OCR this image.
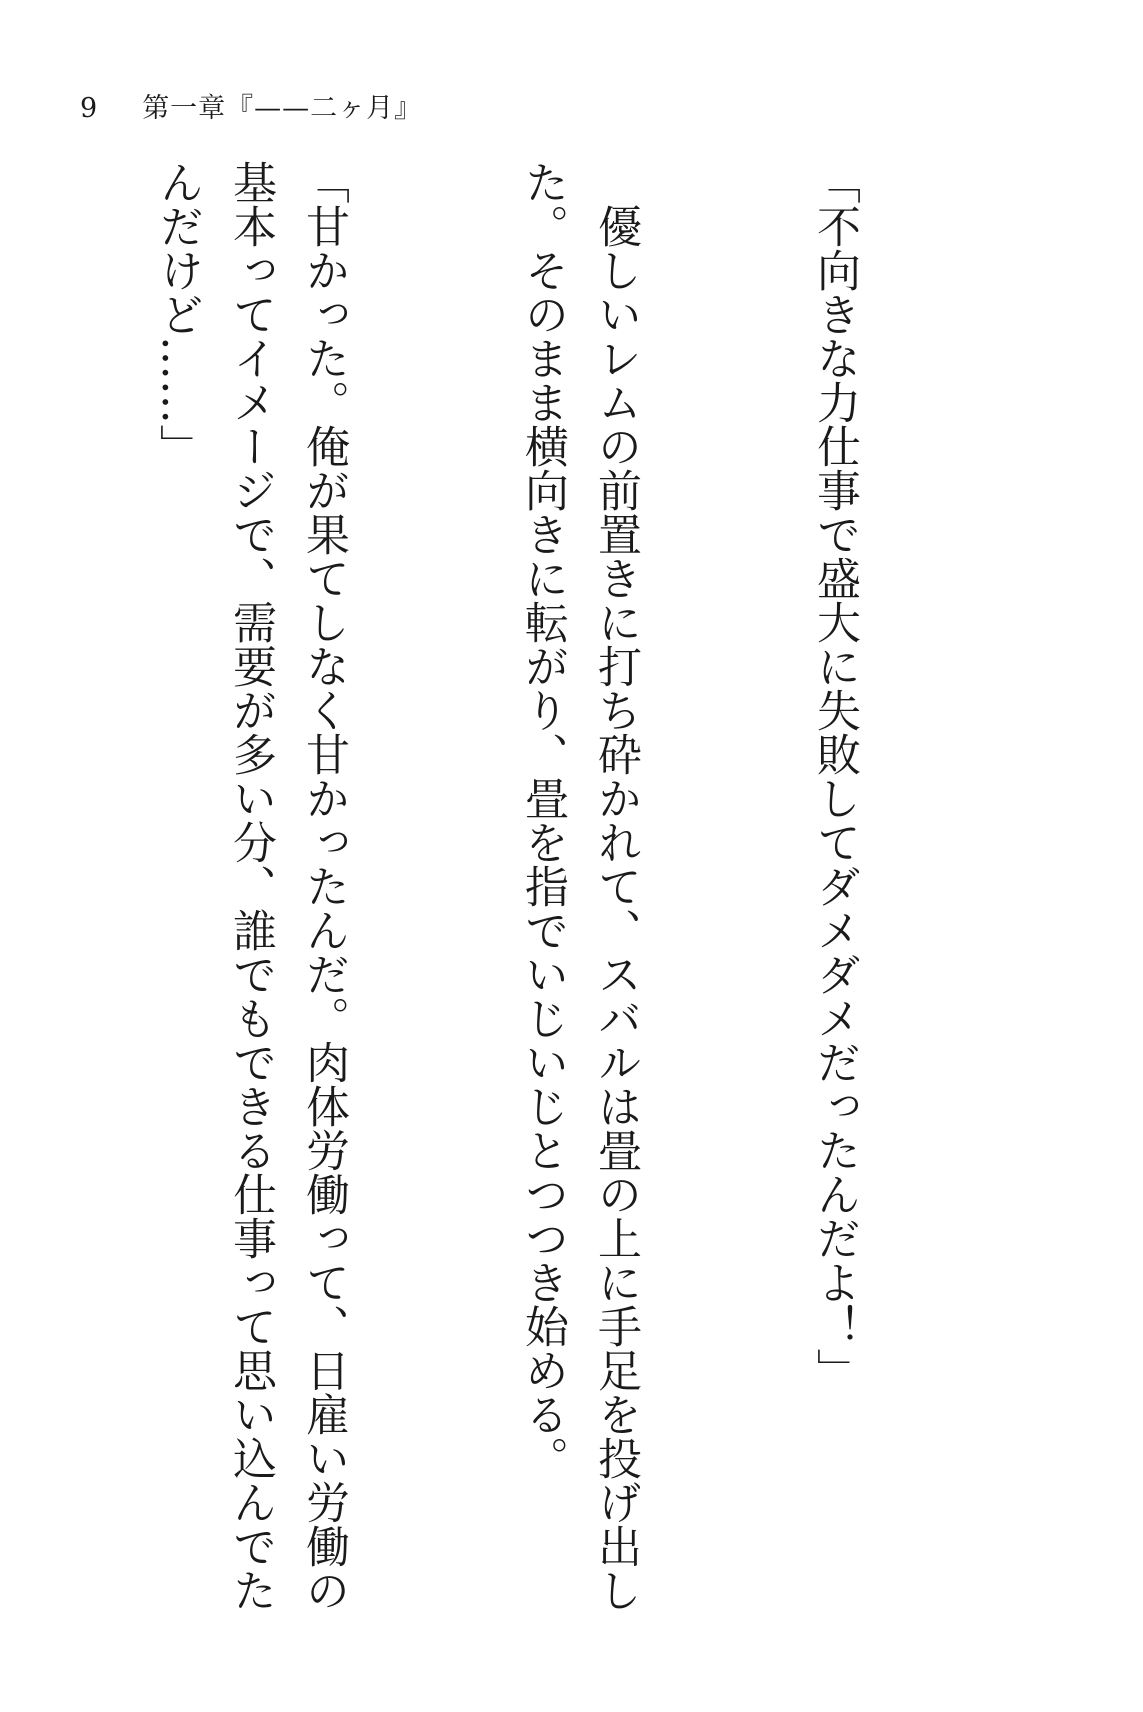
9 第一章『——二ヶ月』

「不向きな力仕事で盛大に失敗してダメダメだったんだよ！」

　優しいレムの前置きに打ち砕かれて、スバルは畳の上に手足を投げ出した。そのまま横向きに転がり、畳を指でいじいじとつつき始める。

「甘かった。俺が果てしなく甘かったんだ。肉体労働って、日雇い労働の基本ってイメージで、需要が多い分、誰でもできる仕事って思い込んでたんだけど……」
